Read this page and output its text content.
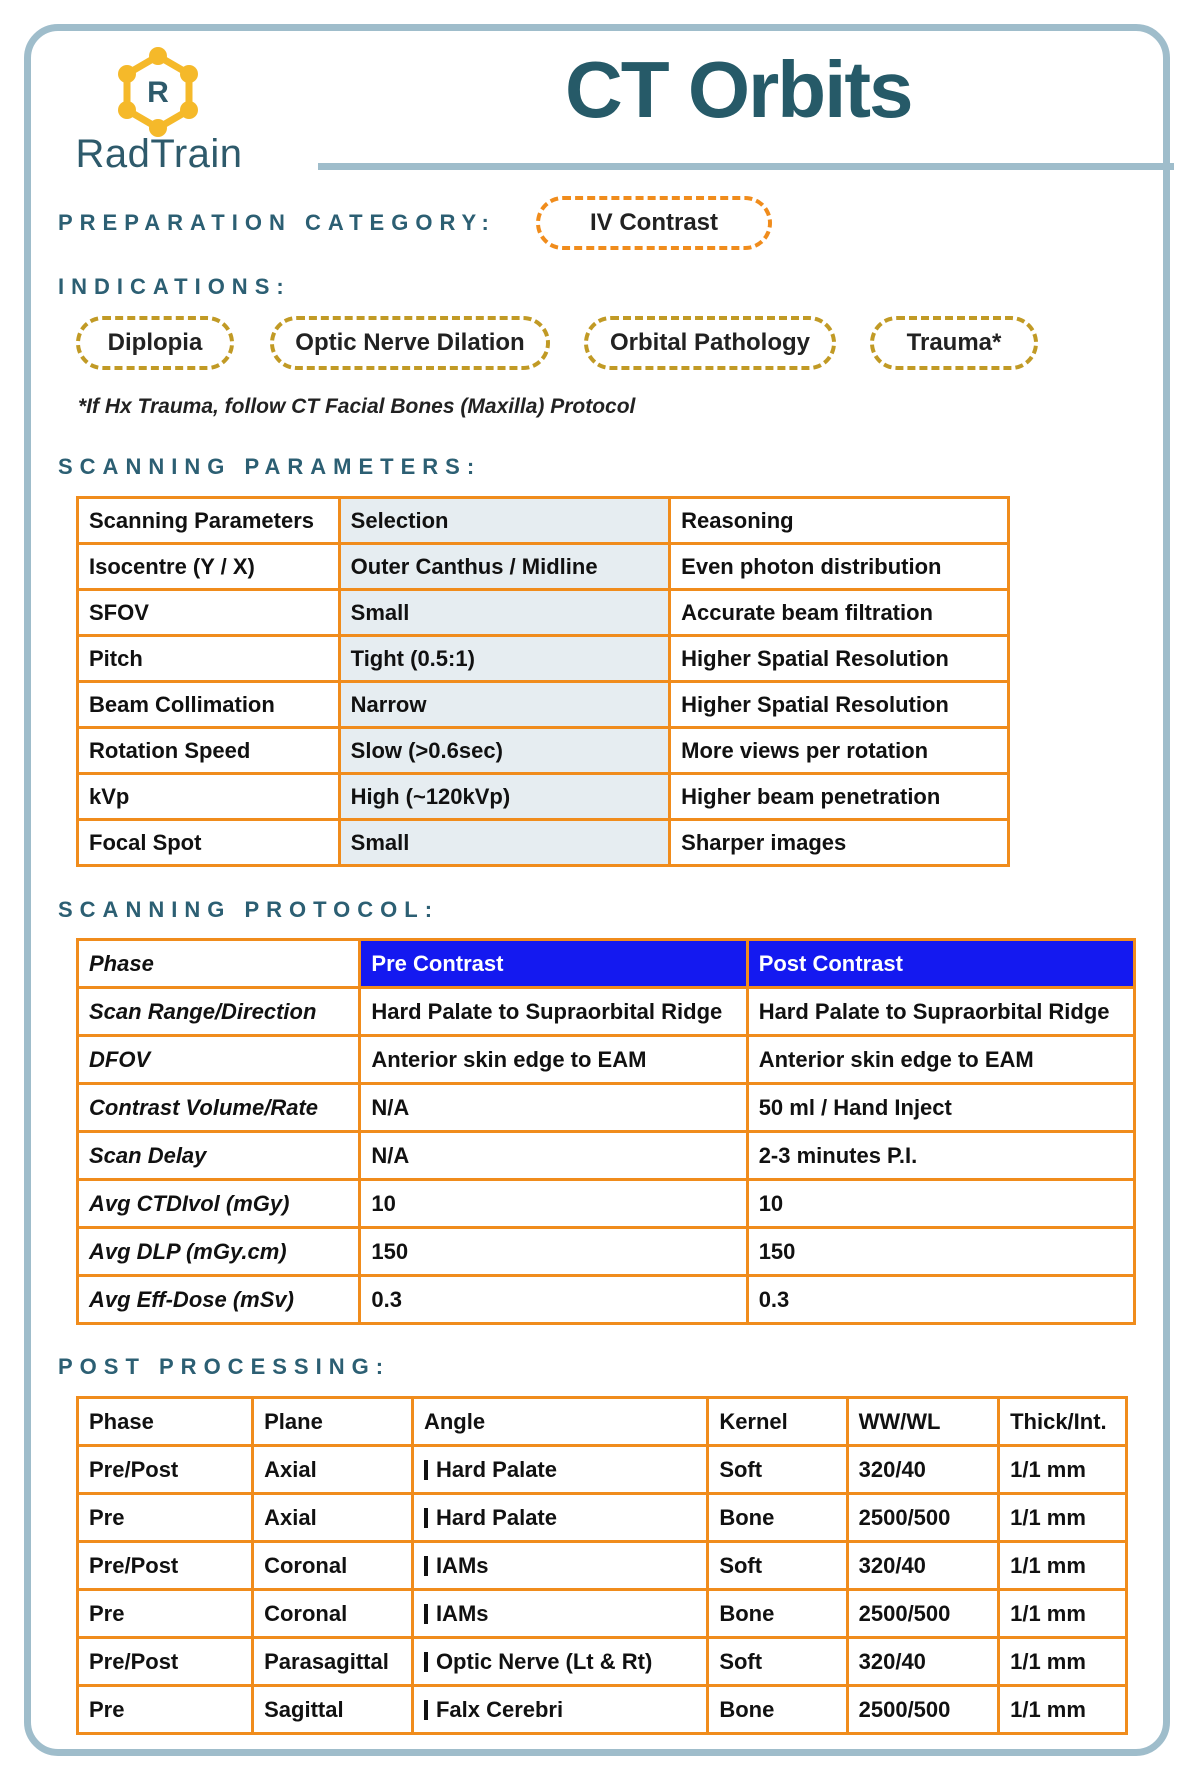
R
RadTrain
CT Orbits
PREPARATION CATEGORY:	IV Contrast
INDICATIONS:
Diplopia	Optic Nerve Dilation	Orbital Pathology	Trauma*
*If Hx Trauma, follow CT Facial Bones (Maxilla) Protocol
SCANNING PARAMETERS:
Scanning Parameters	Selection	Reasoning
Isocentre (Y / X)	Outer Canthus / Midline	Even photon distribution
SFOV	Small	Accurate beam filtration
Pitch	Tight (0.5:1)	Higher Spatial Resolution
Beam Collimation	Narrow	Higher Spatial Resolution
Rotation Speed	Slow (>0.6sec)	More views per rotation
kVp	High (~120kVp)	Higher beam penetration
Focal Spot	Small	Sharper images
SCANNING PROTOCOL:
Phase	Pre Contrast	Post Contrast
Scan Range/Direction	Hard Palate to Supraorbital Ridge	Hard Palate to Supraorbital Ridge
DFOV	Anterior skin edge to EAM	Anterior skin edge to EAM
Contrast Volume/Rate	N/A	50 ml / Hand Inject
Scan Delay	N/A	2-3 minutes P.I.
Avg CTDIvol (mGy)	10	10
Avg DLP (mGy.cm)	150	150
Avg Eff-Dose (mSv)	0.3	0.3
POST PROCESSING:
Phase	Plane	Angle	Kernel	WW/WL	Thick/Int.
Pre/Post	Axial	Hard Palate	Soft	320/40	1/1 mm
Pre	Axial	Hard Palate	Bone	2500/500	1/1 mm
Pre/Post	Coronal	IAMs	Soft	320/40	1/1 mm
Pre	Coronal	IAMs	Bone	2500/500	1/1 mm
Pre/Post	Parasagittal	Optic Nerve (Lt & Rt)	Soft	320/40	1/1 mm
Pre	Sagittal	Falx Cerebri	Bone	2500/500	1/1 mm
